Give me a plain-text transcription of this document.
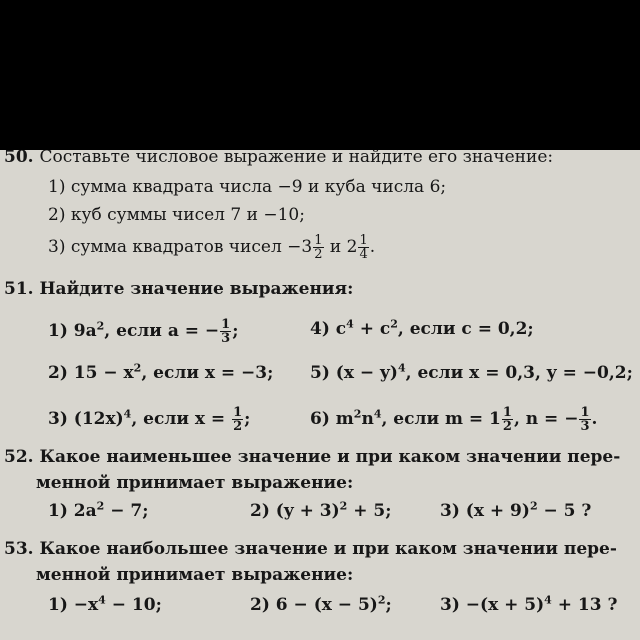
50. Составьте числовое выражение и найдите его значение:
1) сумма квадрата числа −9 и куба числа 6;
2) куб суммы чисел 7 и −10;
3) сумма квадратов чисел $-3 \frac{1}{2}$ и $2 \frac{1}{4}$ .
51. Найдите значение выражения:
1) $9a^2$, если a = − $\frac{1}{3}$ ;	4) $c^4 + c^2$, если c = 0,2;
2) $15 - x^2$, если x = −3; 5) $(x - y)^4$, если x = 0,3, y = −0,2;
3) $(12x)^4$, если $x = \frac{1}{2}$ ;	6) $m^2n^4$, если $m = 1 \frac{1}{2}$ , n = − $\frac{1}{3}$ .
52. Какое наименьшее значение и при каком значении пере-
менной принимает выражение:
1) $2a^2 - 7$;	2) $(y + 3)^2 + 5$;	3) $(x + 9)^2 - 5$ ?
53. Какое наибольшее значение и при каком значении пере-
менной принимает выражение:
$1) -x^4 - 10$;	2) $6 - (x - 5)^2$;	$3) -(x + 5)^4 + 13$ ?
